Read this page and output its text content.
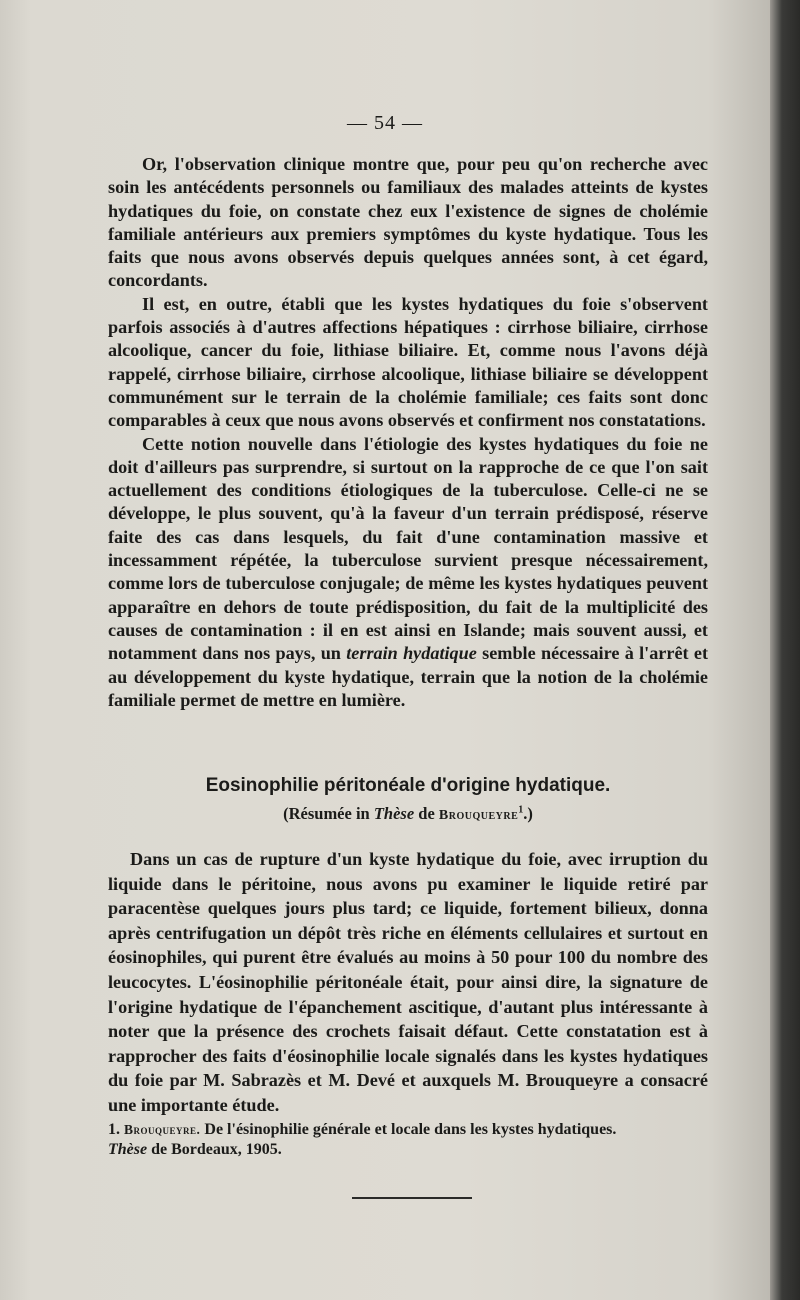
— 54 —

Or, l'observation clinique montre que, pour peu qu'on recherche avec soin les antécédents personnels ou familiaux des malades atteints de kystes hydatiques du foie, on constate chez eux l'existence de signes de cholémie familiale antérieurs aux premiers symptômes du kyste hydatique. Tous les faits que nous avons observés depuis quelques années sont, à cet égard, concordants.

Il est, en outre, établi que les kystes hydatiques du foie s'observent parfois associés à d'autres affections hépatiques : cirrhose biliaire, cirrhose alcoolique, cancer du foie, lithiase biliaire. Et, comme nous l'avons déjà rappelé, cirrhose biliaire, cirrhose alcoolique, lithiase biliaire se développent communément sur le terrain de la cholémie familiale; ces faits sont donc comparables à ceux que nous avons observés et confirment nos constatations.

Cette notion nouvelle dans l'étiologie des kystes hydatiques du foie ne doit d'ailleurs pas surprendre, si surtout on la rapproche de ce que l'on sait actuellement des conditions étiologiques de la tuberculose. Celle-ci ne se développe, le plus souvent, qu'à la faveur d'un terrain prédisposé, réserve faite des cas dans lesquels, du fait d'une contamination massive et incessamment répétée, la tuberculose survient presque nécessairement, comme lors de tuberculose conjugale; de même les kystes hydatiques peuvent apparaître en dehors de toute prédisposition, du fait de la multiplicité des causes de contamination : il en est ainsi en Islande; mais souvent aussi, et notamment dans nos pays, un terrain hydatique semble nécessaire à l'arrêt et au développement du kyste hydatique, terrain que la notion de la cholémie familiale permet de mettre en lumière.

Eosinophilie péritonéale d'origine hydatique.
(Résumée in Thèse de Brouqueyre$^1$.)

Dans un cas de rupture d'un kyste hydatique du foie, avec irruption du liquide dans le péritoine, nous avons pu examiner le liquide retiré par paracentèse quelques jours plus tard; ce liquide, fortement bilieux, donna après centrifugation un dépôt très riche en éléments cellulaires et surtout en éosinophiles, qui purent être évalués au moins à 50 pour 100 du nombre des leucocytes. L'éosinophilie péritonéale était, pour ainsi dire, la signature de l'origine hydatique de l'épanchement ascitique, d'autant plus intéressante à noter que la présence des crochets faisait défaut. Cette constatation est à rapprocher des faits d'éosinophilie locale signalés dans les kystes hydatiques du foie par M. Sabrazès et M. Devé et auxquels M. Brouqueyre a consacré une importante étude.

1. Brouqueyre. De l'ésinophilie générale et locale dans les kystes hydatiques.
Thèse de Bordeaux, 1905.
